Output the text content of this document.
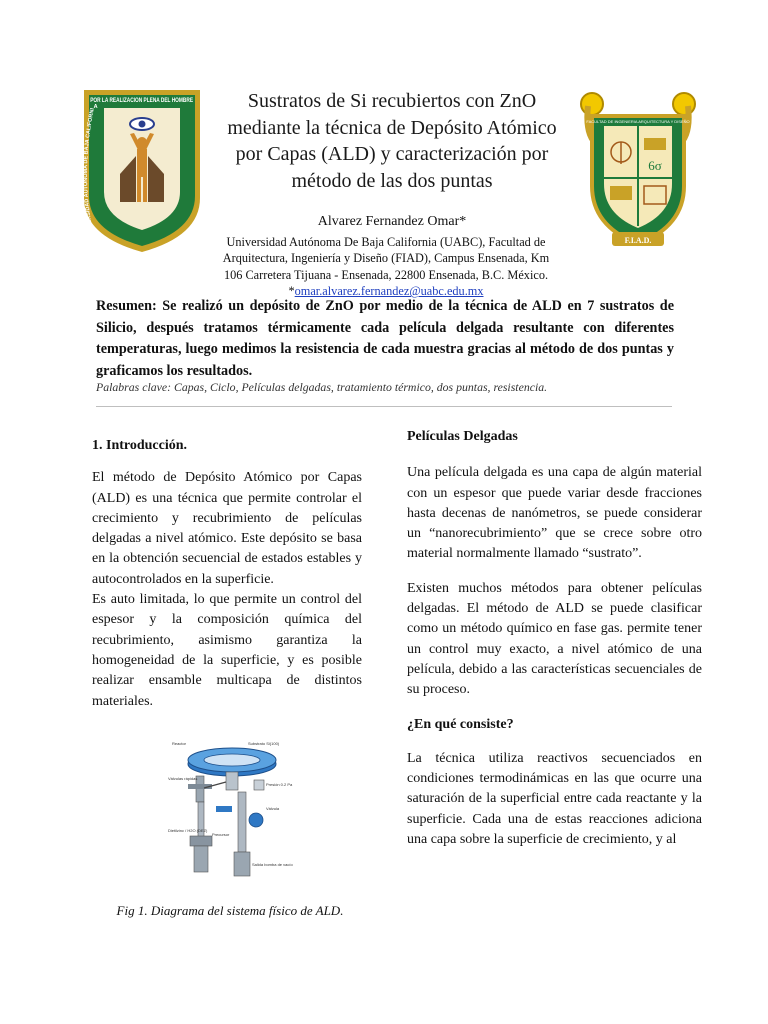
UNIVERSIDAD AUTONOMA DE BAJA CALIFORNIA
POR LA REALIZACION PLENA DEL HOMBRE	Sustratos de Si recubiertos con ZnO mediante la técnica de Depósito Atómico por Capas (ALD) y caracterización por método de las dos puntas
6σ
F.I.A.D.
FACULTAD DE INGENIERIA ARQUITECTURA Y DISEÑO
Alvarez Fernandez Omar*
Universidad Autónoma De Baja California (UABC), Facultad de
Arquitectura, Ingeniería y Diseño (FIAD), Campus Ensenada, Km
106 Carretera Tijuana - Ensenada, 22800 Ensenada, B.C. México.
*omar.alvarez.fernandez@uabc.edu.mx
Resumen: Se realizó un depósito de ZnO por medio de la técnica de ALD en 7 sustratos de Silicio, después tratamos térmicamente cada película delgada resultante con diferentes temperaturas, luego medimos la resistencia de cada muestra gracias al método de dos puntas y graficamos los resultados.
Palabras clave: Capas, Ciclo, Películas delgadas, tratamiento térmico, dos puntas, resistencia.
1. Introducción.

El método de Depósito Atómico por Capas (ALD) es una técnica que permite controlar el crecimiento y recubrimiento de películas delgadas a nivel atómico. Este depósito se basa en la obtención secuencial de estados estables y autocontrolados en la superficie.

Es auto limitada, lo que permite un control del espesor y la composición química del recubrimiento, asimismo garantiza la homogeneidad de la superficie, y es posible realizar ensamble multicapa de distintos materiales.

Reactor	Substrato Si(100)
Válvulas rápidas
Presión 0.2 Pa
Válvula
Dietilzinc / H2O (DEZ)
Precursor
Salida bomba de vacío
Fig 1. Diagrama del sistema físico de ALD.
Películas Delgadas

Una película delgada es una capa de algún material con un espesor que puede variar desde fracciones hasta decenas de nanómetros, se puede considerar un “nanorecubrimiento” que se crece sobre otro material normalmente llamado “sustrato”.

Existen muchos métodos para obtener películas delgadas. El método de ALD se puede clasificar como un método químico en fase gas. permite tener un control muy exacto, a nivel atómico de una película, debido a las características secuenciales de su proceso.

¿En qué consiste?

La técnica utiliza reactivos secuenciados en condiciones termodinámicas en las que ocurre una saturación de la superficial entre cada reactante y la superficie. Cada una de estas reacciones adiciona una capa sobre la superficie de crecimiento, y al
